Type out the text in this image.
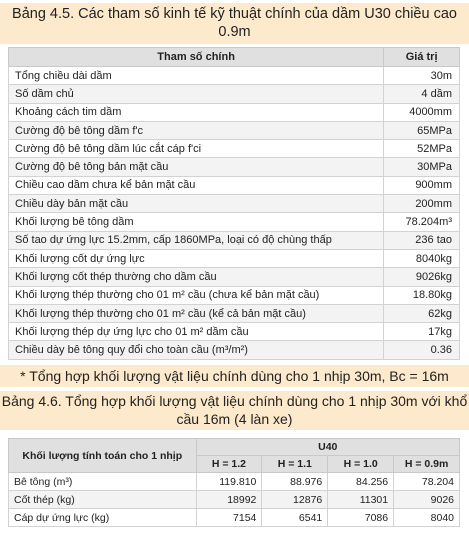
Bảng 4.5. Các tham số kinh tế kỹ thuật chính của dầm U30 chiều cao 0.9m
Tham số chính	Giá trị
Tổng chiều dài dầm	30m
Số dầm chủ	4 dầm
Khoảng cách tim dầm	4000mm
Cường độ bê tông dầm f'c	65MPa
Cường độ bê tông dầm lúc cắt cáp f'ci	52MPa
Cường độ bê tông bản mặt cầu	30MPa
Chiều cao dầm chưa kể bản mặt cầu	900mm
Chiều dày bản mặt cầu	200mm
Khối lượng bê tông dầm	78.204m³
Số tao dự ứng lực 15.2mm, cấp 1860MPa, loại có độ chùng thấp	236 tao
Khối lượng cốt dự ứng lực	8040kg
Khối lượng cốt thép thường cho dầm cầu	9026kg
Khối lượng thép thường cho 01 m² cầu (chưa kể bản mặt cầu)	18.80kg
Khối lượng thép thường cho 01 m² cầu (kể cả bản mặt cầu)	62kg
Khối lượng thép dự ứng lực cho 01 m² dầm cầu	17kg
Chiều dày bê tông quy đổi cho toàn cầu (m³/m²)	0.36
* Tổng hợp khối lượng vật liệu chính dùng cho 1 nhịp 30m, Bc = 16m
Bảng 4.6. Tổng hợp khối lượng vật liệu chính dùng cho 1 nhịp 30m với khổ cầu 16m (4 làn xe)
Khối lượng tính toán cho 1 nhịp	U40			
	H = 1.2	H = 1.1	H = 1.0	H = 0.9m
Bê tông (m³)	119.810	88.976	84.256	78.204
Cốt thép (kg)	18992	12876	11301	9026
Cáp dự ứng lực (kg)	7154	6541	7086	8040
